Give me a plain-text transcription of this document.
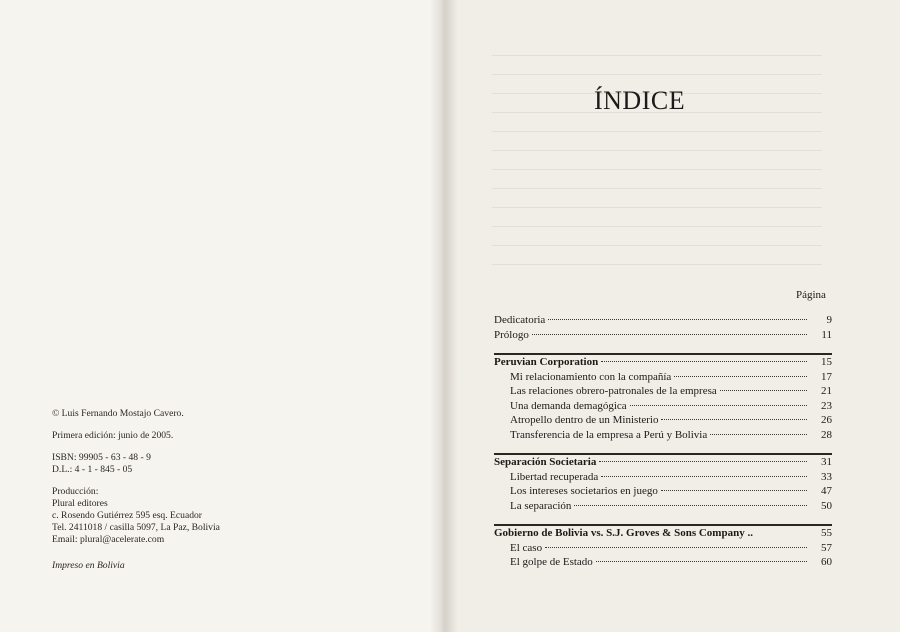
© Luis Fernando Mostajo Cavero.
Primera edición: junio de 2005.
ISBN: 99905 - 63 - 48 - 9
D.L.: 4 - 1 - 845 - 05
Producción:
Plural editores
c. Rosendo Gutiérrez 595 esq. Ecuador
Tel. 2411018 / casilla 5097, La Paz, Bolivia
Email: plural@acelerate.com
Impreso en Bolivia
ÍNDICE
Página
Dedicatoria	9
Prólogo	11
Peruvian Corporation	15
Mi relacionamiento con la compañía	17
Las relaciones obrero-patronales de la empresa	21
Una demanda demagógica	23
Atropello dentro de un Ministerio	26
Transferencia de la empresa a Perú y Bolivia	28
Separación Societaria	31
Libertad recuperada	33
Los intereses societarios en juego	47
La separación	50
Gobierno de Bolivia vs. S.J. Groves & Sons Company ..	55
El caso	57
El golpe de Estado	60
